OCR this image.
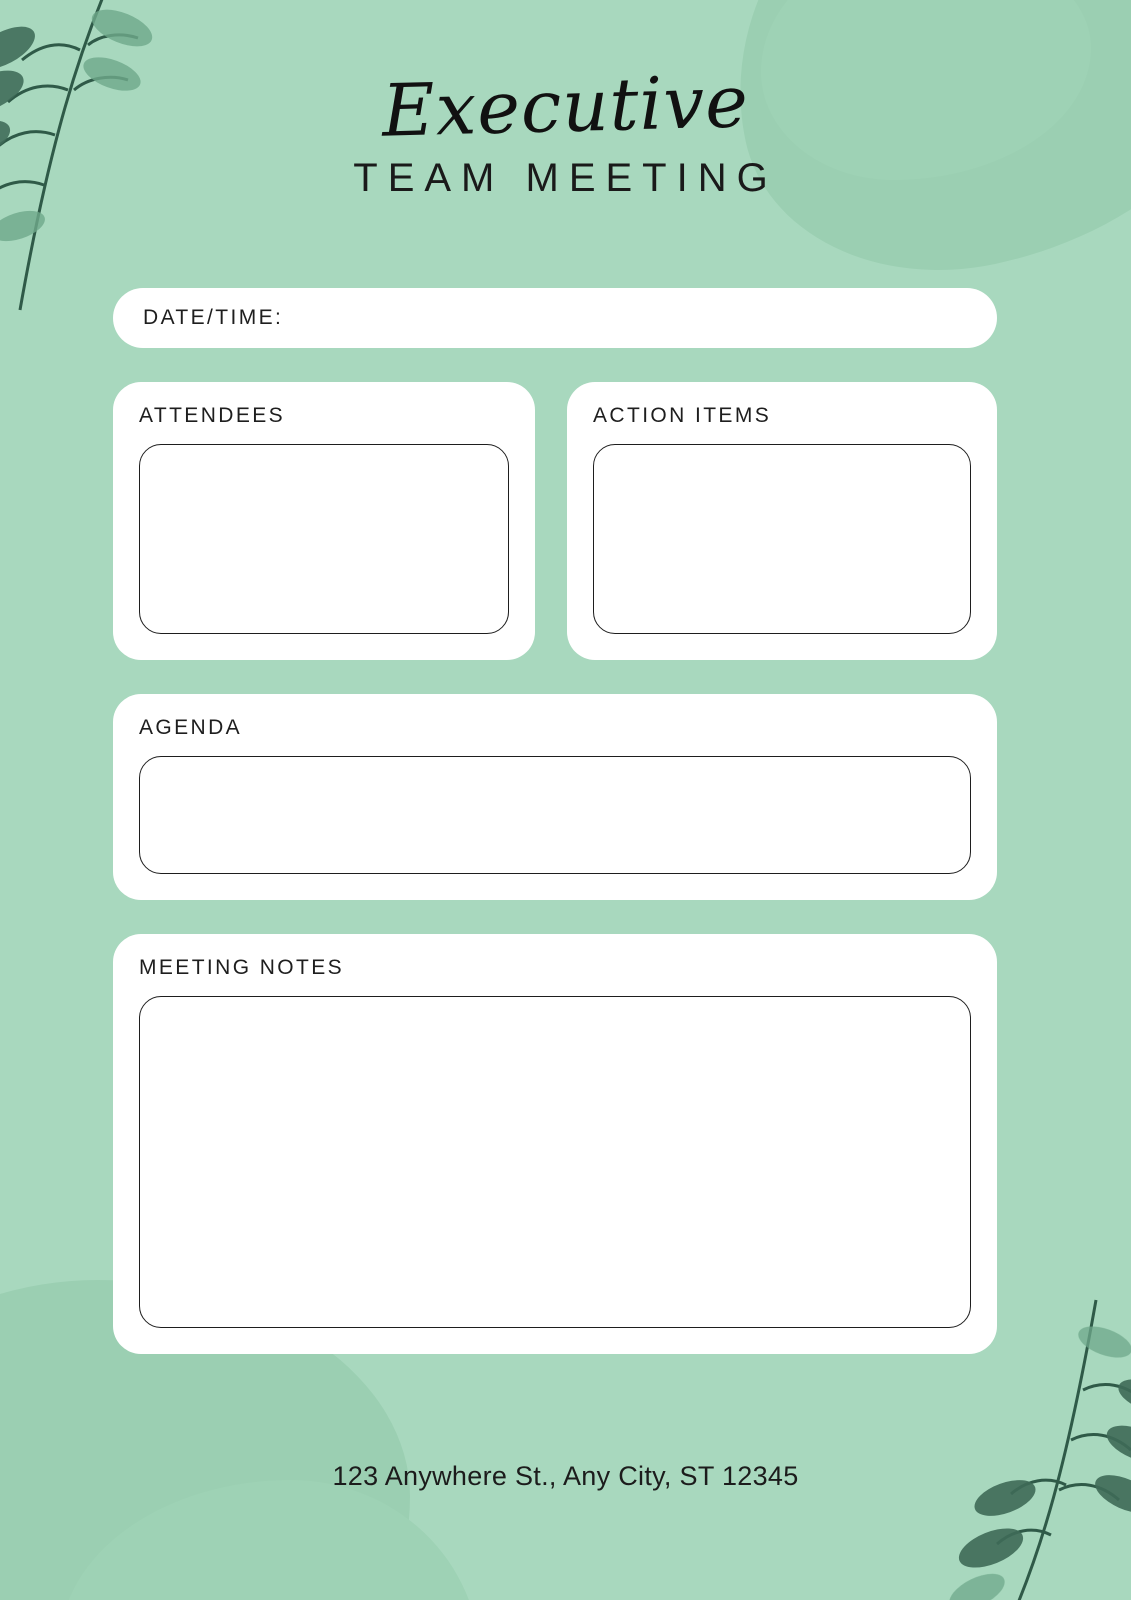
Executive
TEAM MEETING
DATE/TIME:
ATTENDEES	ACTION ITEMS
AGENDA
MEETING NOTES
123 Anywhere St., Any City, ST 12345
